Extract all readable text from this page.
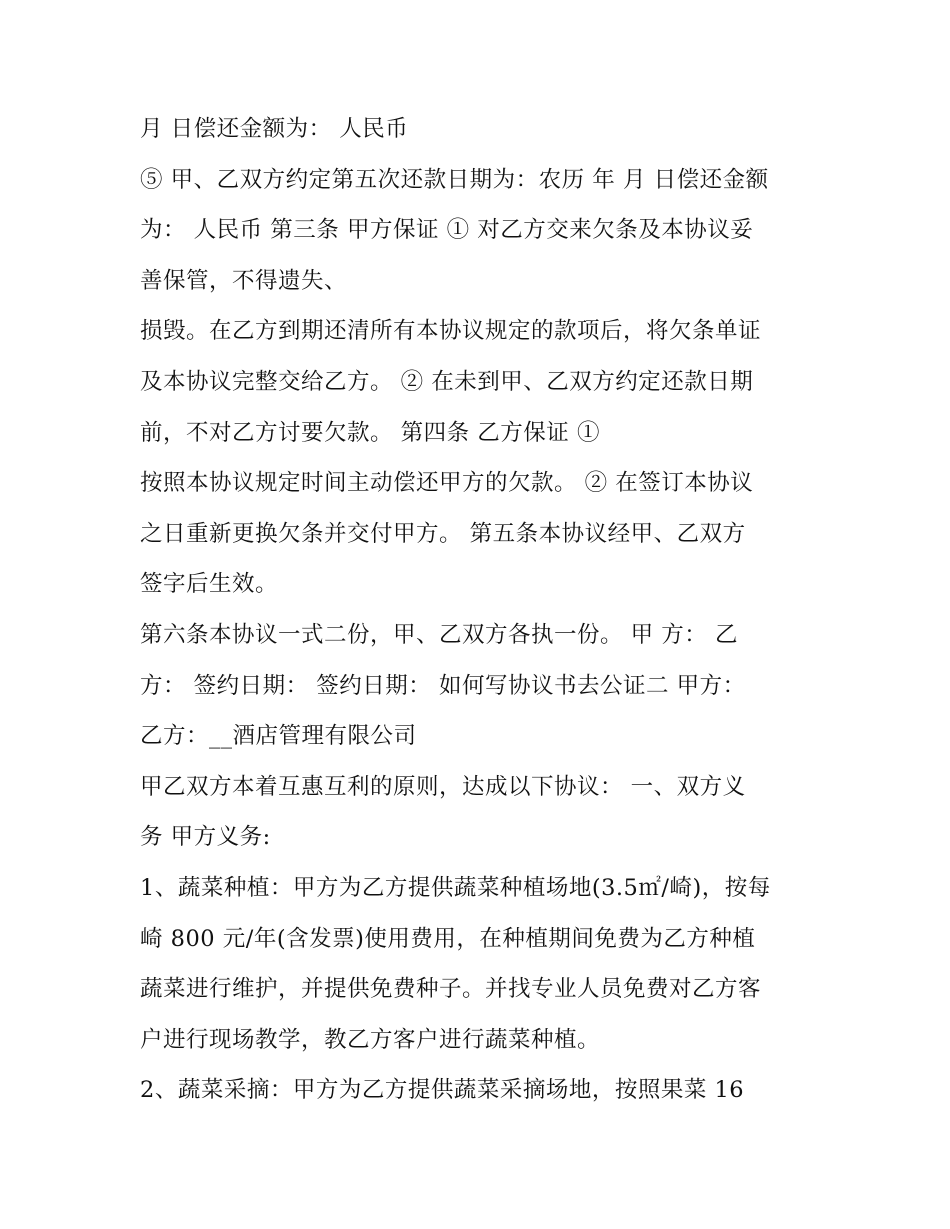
月 日偿还金额为： 人民币
⑤ 甲、乙双方约定第五次还款日期为：农历 年 月 日偿还金额
为： 人民币 第三条 甲方保证 ① 对乙方交来欠条及本协议妥
善保管，不得遗失、
损毁。在乙方到期还清所有本协议规定的款项后，将欠条单证
及本协议完整交给乙方。 ② 在未到甲、乙双方约定还款日期
前，不对乙方讨要欠款。 第四条 乙方保证 ①
按照本协议规定时间主动偿还甲方的欠款。 ② 在签订本协议
之日重新更换欠条并交付甲方。 第五条本协议经甲、乙双方
签字后生效。
第六条本协议一式二份，甲、乙双方各执一份。 甲 方： 乙
方： 签约日期： 签约日期： 如何写协议书去公证二 甲方：
乙方：__酒店管理有限公司
甲乙双方本着互惠互利的原则，达成以下协议： 一、双方义
务 甲方义务:
1、蔬菜种植：甲方为乙方提供蔬菜种植场地(3.5㎡/崎)，按每
崎 800 元/年(含发票)使用费用，在种植期间免费为乙方种植
蔬菜进行维护，并提供免费种子。并找专业人员免费对乙方客
户进行现场教学，教乙方客户进行蔬菜种植。
2、蔬菜采摘：甲方为乙方提供蔬菜采摘场地，按照果菜 16
